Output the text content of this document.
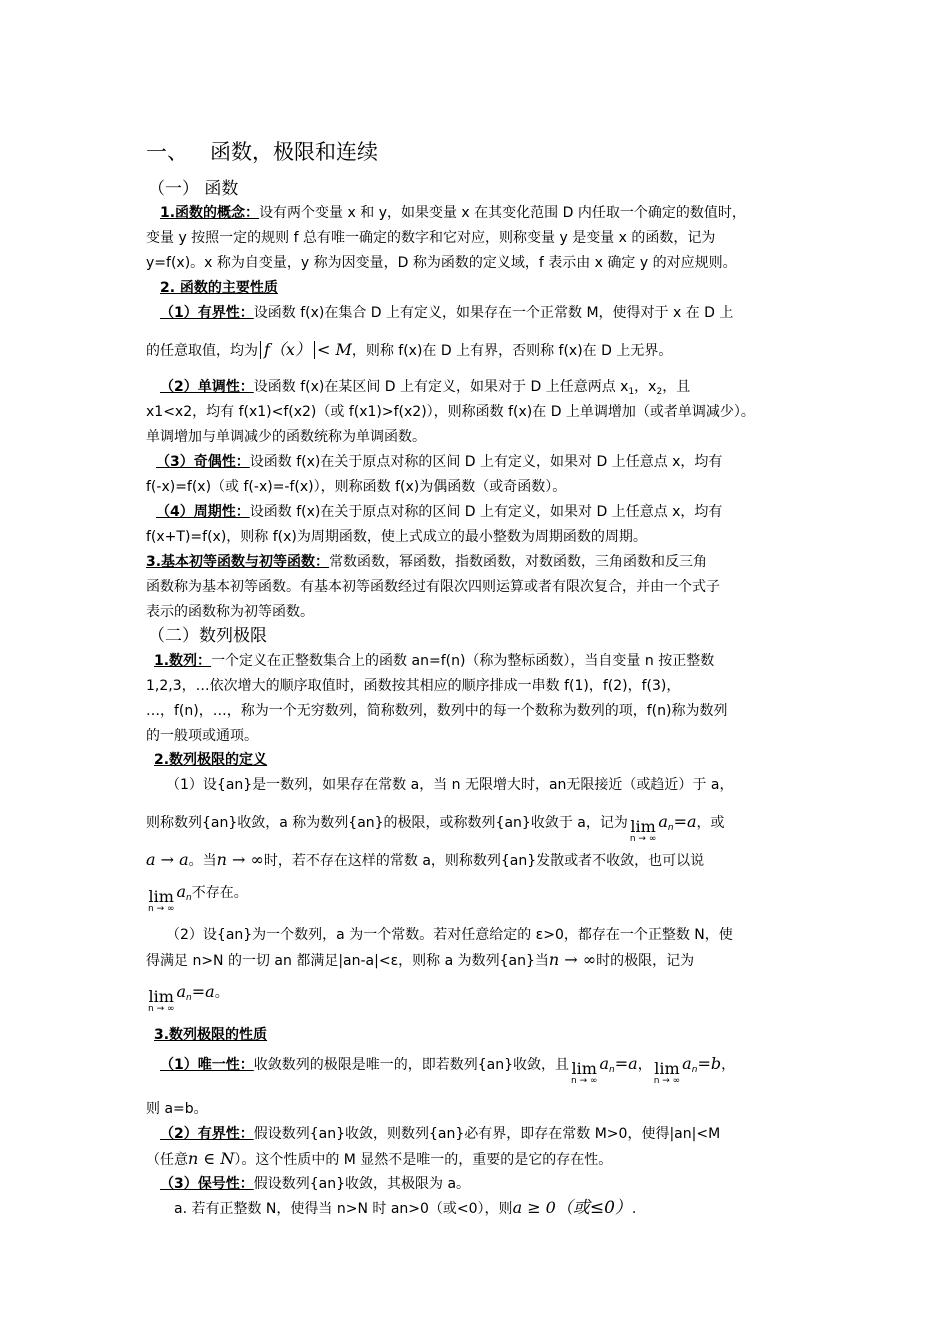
一、 函数，极限和连续
（一） 函数
1.函数的概念：设有两个变量 x 和 y，如果变量 x 在其变化范围 D 内任取一个确定的数值时，
变量 y 按照一定的规则 f 总有唯一确定的数字和它对应，则称变量 y 是变量 x 的函数，记为
y=f(x)。x 称为自变量，y 称为因变量，D 称为函数的定义域，f 表示由 x 确定 y 的对应规则。
2. 函数的主要性质
（1）有界性：设函数 f(x)在集合 D 上有定义，如果存在一个正常数 M，使得对于 x 在 D 上
的任意取值，均为 f（x） < M，则称 f(x)在 D 上有界，否则称 f(x)在 D 上无界。
（2）单调性：设函数 f(x)在某区间 D 上有定义，如果对于 D 上任意两点 $x_1$，$x_2$，且
x1<x2，均有 f(x1)<f(x2)（或 f(x1)>f(x2)），则称函数 f(x)在 D 上单调增加（或者单调减少）。
单调增加与单调减少的函数统称为单调函数。
（3）奇偶性：设函数 f(x)在关于原点对称的区间 D 上有定义，如果对 D 上任意点 x，均有
f(-x)=f(x)（或 f(-x)=-f(x)），则称函数 f(x)为偶函数（或奇函数）。
（4）周期性：设函数 f(x)在关于原点对称的区间 D 上有定义，如果对 D 上任意点 x，均有
f(x+T)=f(x)，则称 f(x)为周期函数，使上式成立的最小整数为周期函数的周期。
3.基本初等函数与初等函数：常数函数，幂函数，指数函数，对数函数，三角函数和反三角
函数称为基本初等函数。有基本初等函数经过有限次四则运算或者有限次复合，并由一个式子
表示的函数称为初等函数。
（二）数列极限
1.数列：一个定义在正整数集合上的函数 an=f(n)（称为整标函数），当自变量 n 按正整数
1,2,3，…依次增大的顺序取值时，函数按其相应的顺序排成一串数 f(1)，f(2)，f(3)，
…，f(n)，…，称为一个无穷数列，简称数列，数列中的每一个数称为数列的项，f(n)称为数列
的一般项或通项。
2.数列极限的定义
（1）设{an}是一数列，如果存在常数 a，当 n 无限增大时，an无限接近（或趋近）于 a，
则称数列{an}收敛，a 称为数列{an}的极限，或称数列{an}收敛于 a，记为 lim
n → ∞
$a_n=a$，或
a → a。当n → ∞时，若不存在这样的常数 a，则称数列{an}发散或者不收敛，也可以说
lim
n → ∞
$a_n$不存在。
（2）设{an}为一个数列，a 为一个常数。若对任意给定的 ε>0，都存在一个正整数 N，使
得满足 n>N 的一切 an 都满足|an-a|<ε，则称 a 为数列{an}当n → ∞时的极限，记为
lim
n → ∞
$a_n=a$。
3.数列极限的性质
（1）唯一性：收敛数列的极限是唯一的，即若数列{an}收敛，且 lim
n → ∞
$a_n=a$， lim
n → ∞
$a_n=b$，
则 a=b。
（2）有界性：假设数列{an}收敛，则数列{an}必有界，即存在常数 M>0，使得|an|<M
（任意n ∈ N）。这个性质中的 M 显然不是唯一的，重要的是它的存在性。
（3）保号性：假设数列{an}收敛，其极限为 a。
a. 若有正整数 N，使得当 n>N 时 an>0（或<0），则a ≥ 0（或≤0）.
